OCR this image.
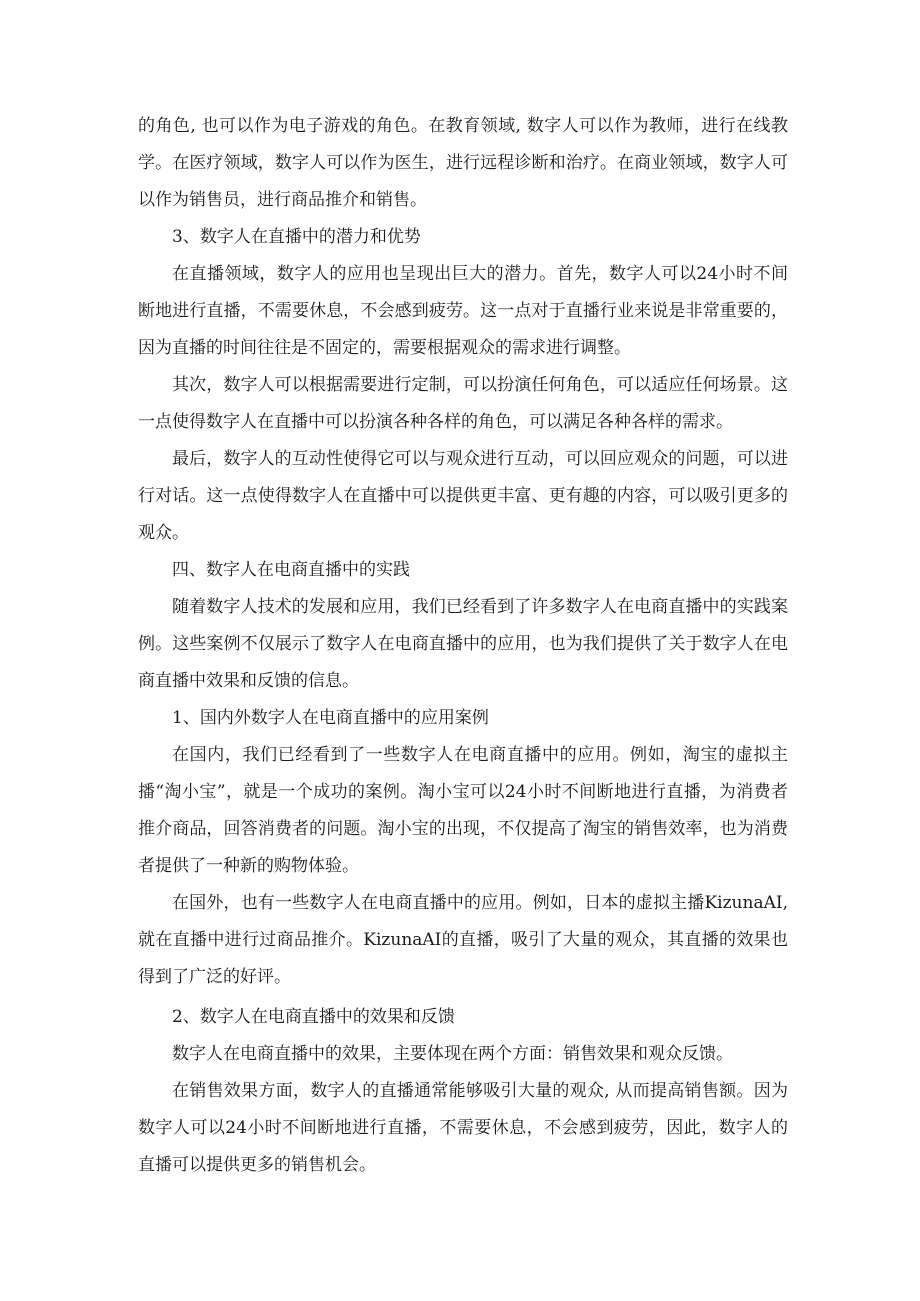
的角色, 也可以作为电子游戏的角色。在教育领域, 数字人可以作为教师，进行在线教学。在医疗领域，数字人可以作为医生，进行远程诊断和治疗。在商业领域，数字人可以作为销售员，进行商品推介和销售。

3、数字人在直播中的潜力和优势

在直播领域，数字人的应用也呈现出巨大的潜力。首先，数字人可以24小时不间断地进行直播，不需要休息，不会感到疲劳。这一点对于直播行业来说是非常重要的，因为直播的时间往往是不固定的，需要根据观众的需求进行调整。

其次，数字人可以根据需要进行定制，可以扮演任何角色，可以适应任何场景。这一点使得数字人在直播中可以扮演各种各样的角色，可以满足各种各样的需求。

最后，数字人的互动性使得它可以与观众进行互动，可以回应观众的问题，可以进行对话。这一点使得数字人在直播中可以提供更丰富、更有趣的内容，可以吸引更多的观众。

四、数字人在电商直播中的实践

随着数字人技术的发展和应用，我们已经看到了许多数字人在电商直播中的实践案例。这些案例不仅展示了数字人在电商直播中的应用，也为我们提供了关于数字人在电商直播中效果和反馈的信息。

1、国内外数字人在电商直播中的应用案例

在国内，我们已经看到了一些数字人在电商直播中的应用。例如，淘宝的虚拟主播“淘小宝”，就是一个成功的案例。淘小宝可以24小时不间断地进行直播，为消费者推介商品，回答消费者的问题。淘小宝的出现，不仅提高了淘宝的销售效率，也为消费者提供了一种新的购物体验。

在国外，也有一些数字人在电商直播中的应用。例如，日本的虚拟主播KizunaAI,就在直播中进行过商品推介。KizunaAI的直播，吸引了大量的观众，其直播的效果也得到了广泛的好评。

2、数字人在电商直播中的效果和反馈

数字人在电商直播中的效果，主要体现在两个方面：销售效果和观众反馈。

在销售效果方面，数字人的直播通常能够吸引大量的观众, 从而提高销售额。因为数字人可以24小时不间断地进行直播，不需要休息，不会感到疲劳，因此，数字人的直播可以提供更多的销售机会。
